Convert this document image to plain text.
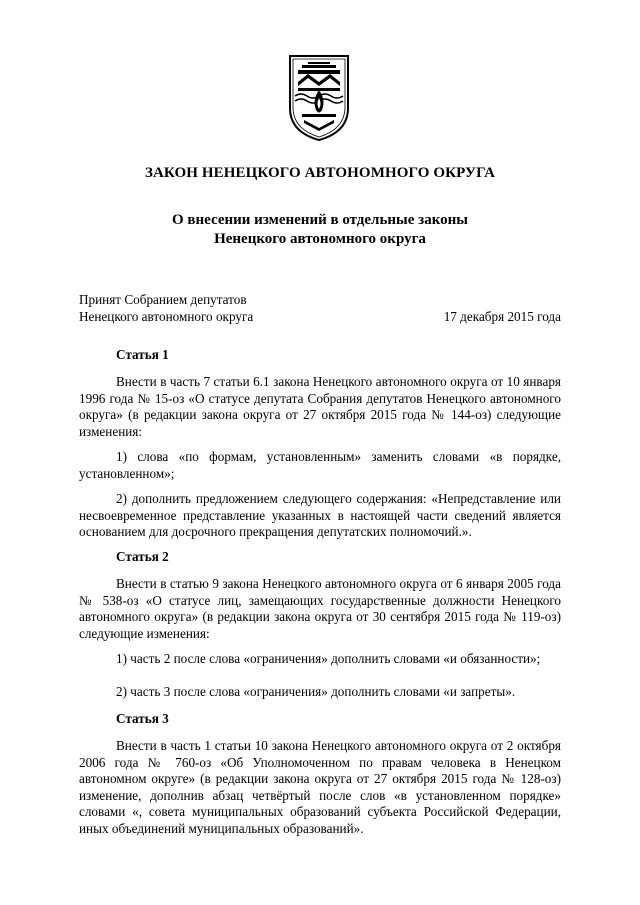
ЗАКОН НЕНЕЦКОГО АВТОНОМНОГО ОКРУГА
О внесении изменений в отдельные законы
Ненецкого автономного округа
Принят Собранием депутатов
Ненецкого автономного округа	17 декабря 2015 года
Статья 1
Внести в часть 7 статьи 6.1 закона Ненецкого автономного округа от 10 января 1996 года № 15-оз «О статусе депутата Собрания депутатов Ненецкого автономного округа» (в редакции закона округа от 27 октября 2015 года № 144-оз) следующие изменения:
1) слова «по формам, установленным» заменить словами «в порядке, установленном»;
2) дополнить предложением следующего содержания: «Непредставление или несвоевременное представление указанных в настоящей части сведений является основанием для досрочного прекращения депутатских полномочий.».
Статья 2
Внести в статью 9 закона Ненецкого автономного округа от 6 января 2005 года № 538-оз «О статусе лиц, замещающих государственные должности Ненецкого автономного округа» (в редакции закона округа от 30 сентября 2015 года № 119-оз) следующие изменения:
1) часть 2 после слова «ограничения» дополнить словами «и обязанности»;
2) часть 3 после слова «ограничения» дополнить словами «и запреты».
Статья 3
Внести в часть 1 статьи 10 закона Ненецкого автономного округа от 2 октября 2006 года № 760-оз «Об Уполномоченном по правам человека в Ненецком автономном округе» (в редакции закона округа от 27 октября 2015 года № 128-оз) изменение, дополнив абзац четвёртый после слов «в установленном порядке» словами «, совета муниципальных образований субъекта Российской Федерации, иных объединений муниципальных образований».
